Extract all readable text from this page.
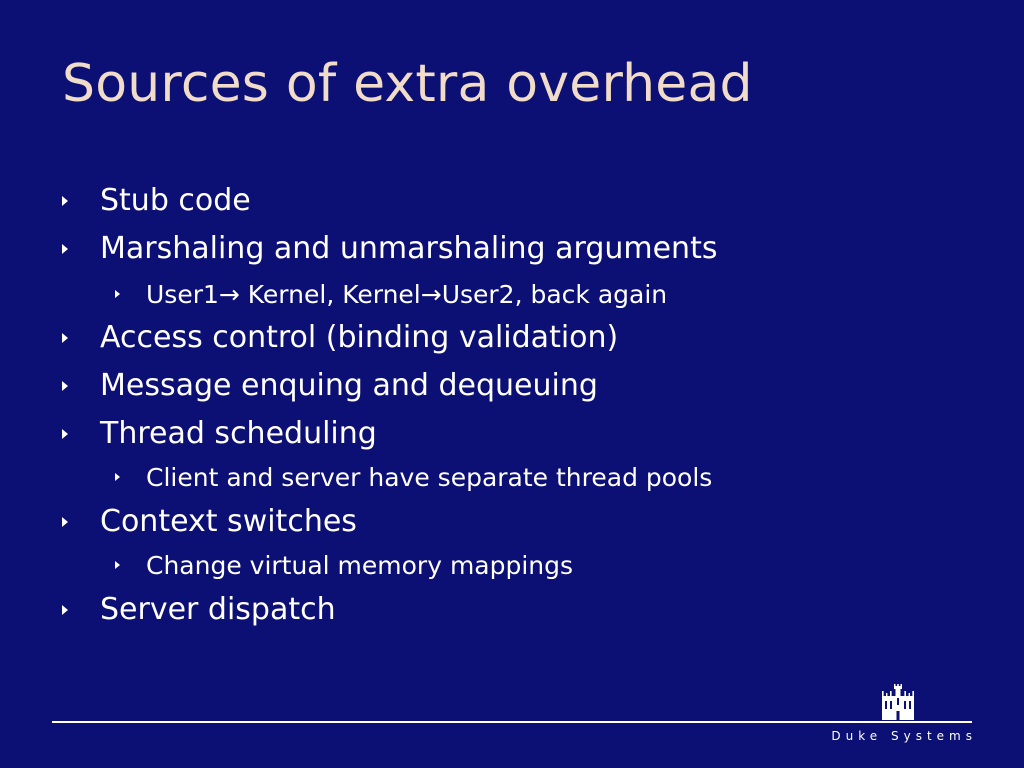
Sources of extra overhead
Stub code
Marshaling and unmarshaling arguments
User1→ Kernel, Kernel→User2, back again
Access control (binding validation)
Message enquing and dequeuing
Thread scheduling
Client and server have separate thread pools
Context switches
Change virtual memory mappings
Server dispatch
Duke Systems
